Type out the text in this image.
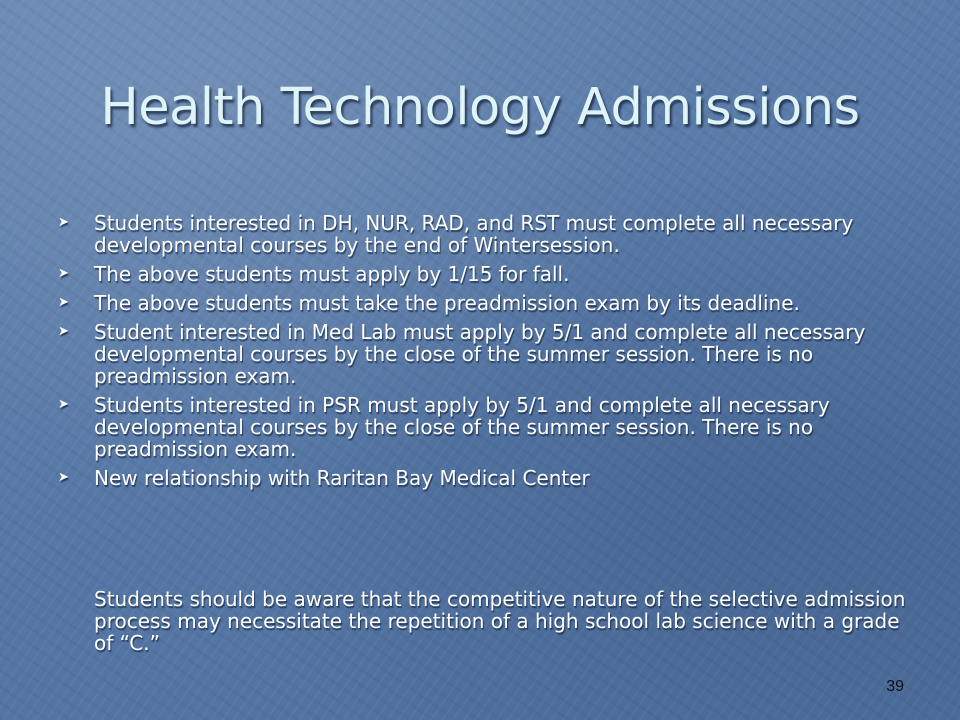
Health Technology Admissions
➤	Students interested in DH, NUR, RAD, and RST must complete all necessary developmental courses by the end of Wintersession.
➤	The above students must apply by 1/15 for fall.
➤	The above students must take the preadmission exam by its deadline.
➤	Student interested in Med Lab must apply by 5/1 and complete all necessary developmental courses by the close of the summer session. There is no preadmission exam.
➤	Students interested in PSR must apply by 5/1 and complete all necessary developmental courses by the close of the summer session. There is no preadmission exam.
➤	New relationship with Raritan Bay Medical Center

Students should be aware that the competitive nature of the selective admission process may necessitate the repetition of a high school lab science with a grade of “C.”

39
